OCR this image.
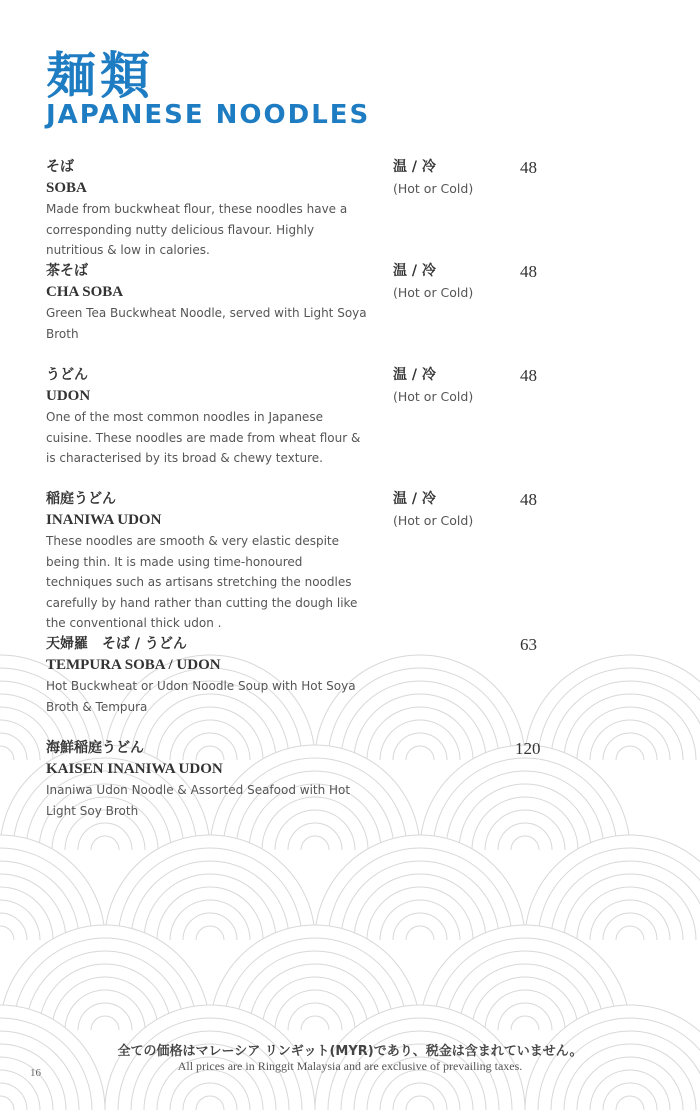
麺類
JAPANESE NOODLES
そば
SOBA
Made from buckwheat flour, these noodles have a corresponding nutty delicious flavour. Highly nutritious & low in calories.
温 / 冷
(Hot or Cold)
48
茶そば
CHA SOBA
Green Tea Buckwheat Noodle, served with Light Soya Broth
温 / 冷
(Hot or Cold)
48
うどん
UDON
One of the most common noodles in Japanese cuisine. These noodles are made from wheat flour & is characterised by its broad & chewy texture.
温 / 冷
(Hot or Cold)
48
稲庭うどん
INANIWA UDON
These noodles are smooth & very elastic despite being thin. It is made using time-honoured techniques such as artisans stretching the noodles carefully by hand rather than cutting the dough like the conventional thick udon .
温 / 冷
(Hot or Cold)
48
天婦羅　そば / うどん
TEMPURA SOBA / UDON
Hot Buckwheat or Udon Noodle Soup with Hot Soya Broth & Tempura
63
海鮮稲庭うどん
KAISEN INANIWA UDON
Inaniwa Udon Noodle & Assorted Seafood with Hot Light Soy Broth
120
全ての価格はマレーシア リンギット(MYR)であり、税金は含まれていません。
All prices are in Ringgit Malaysia and are exclusive of prevailing taxes.
16
